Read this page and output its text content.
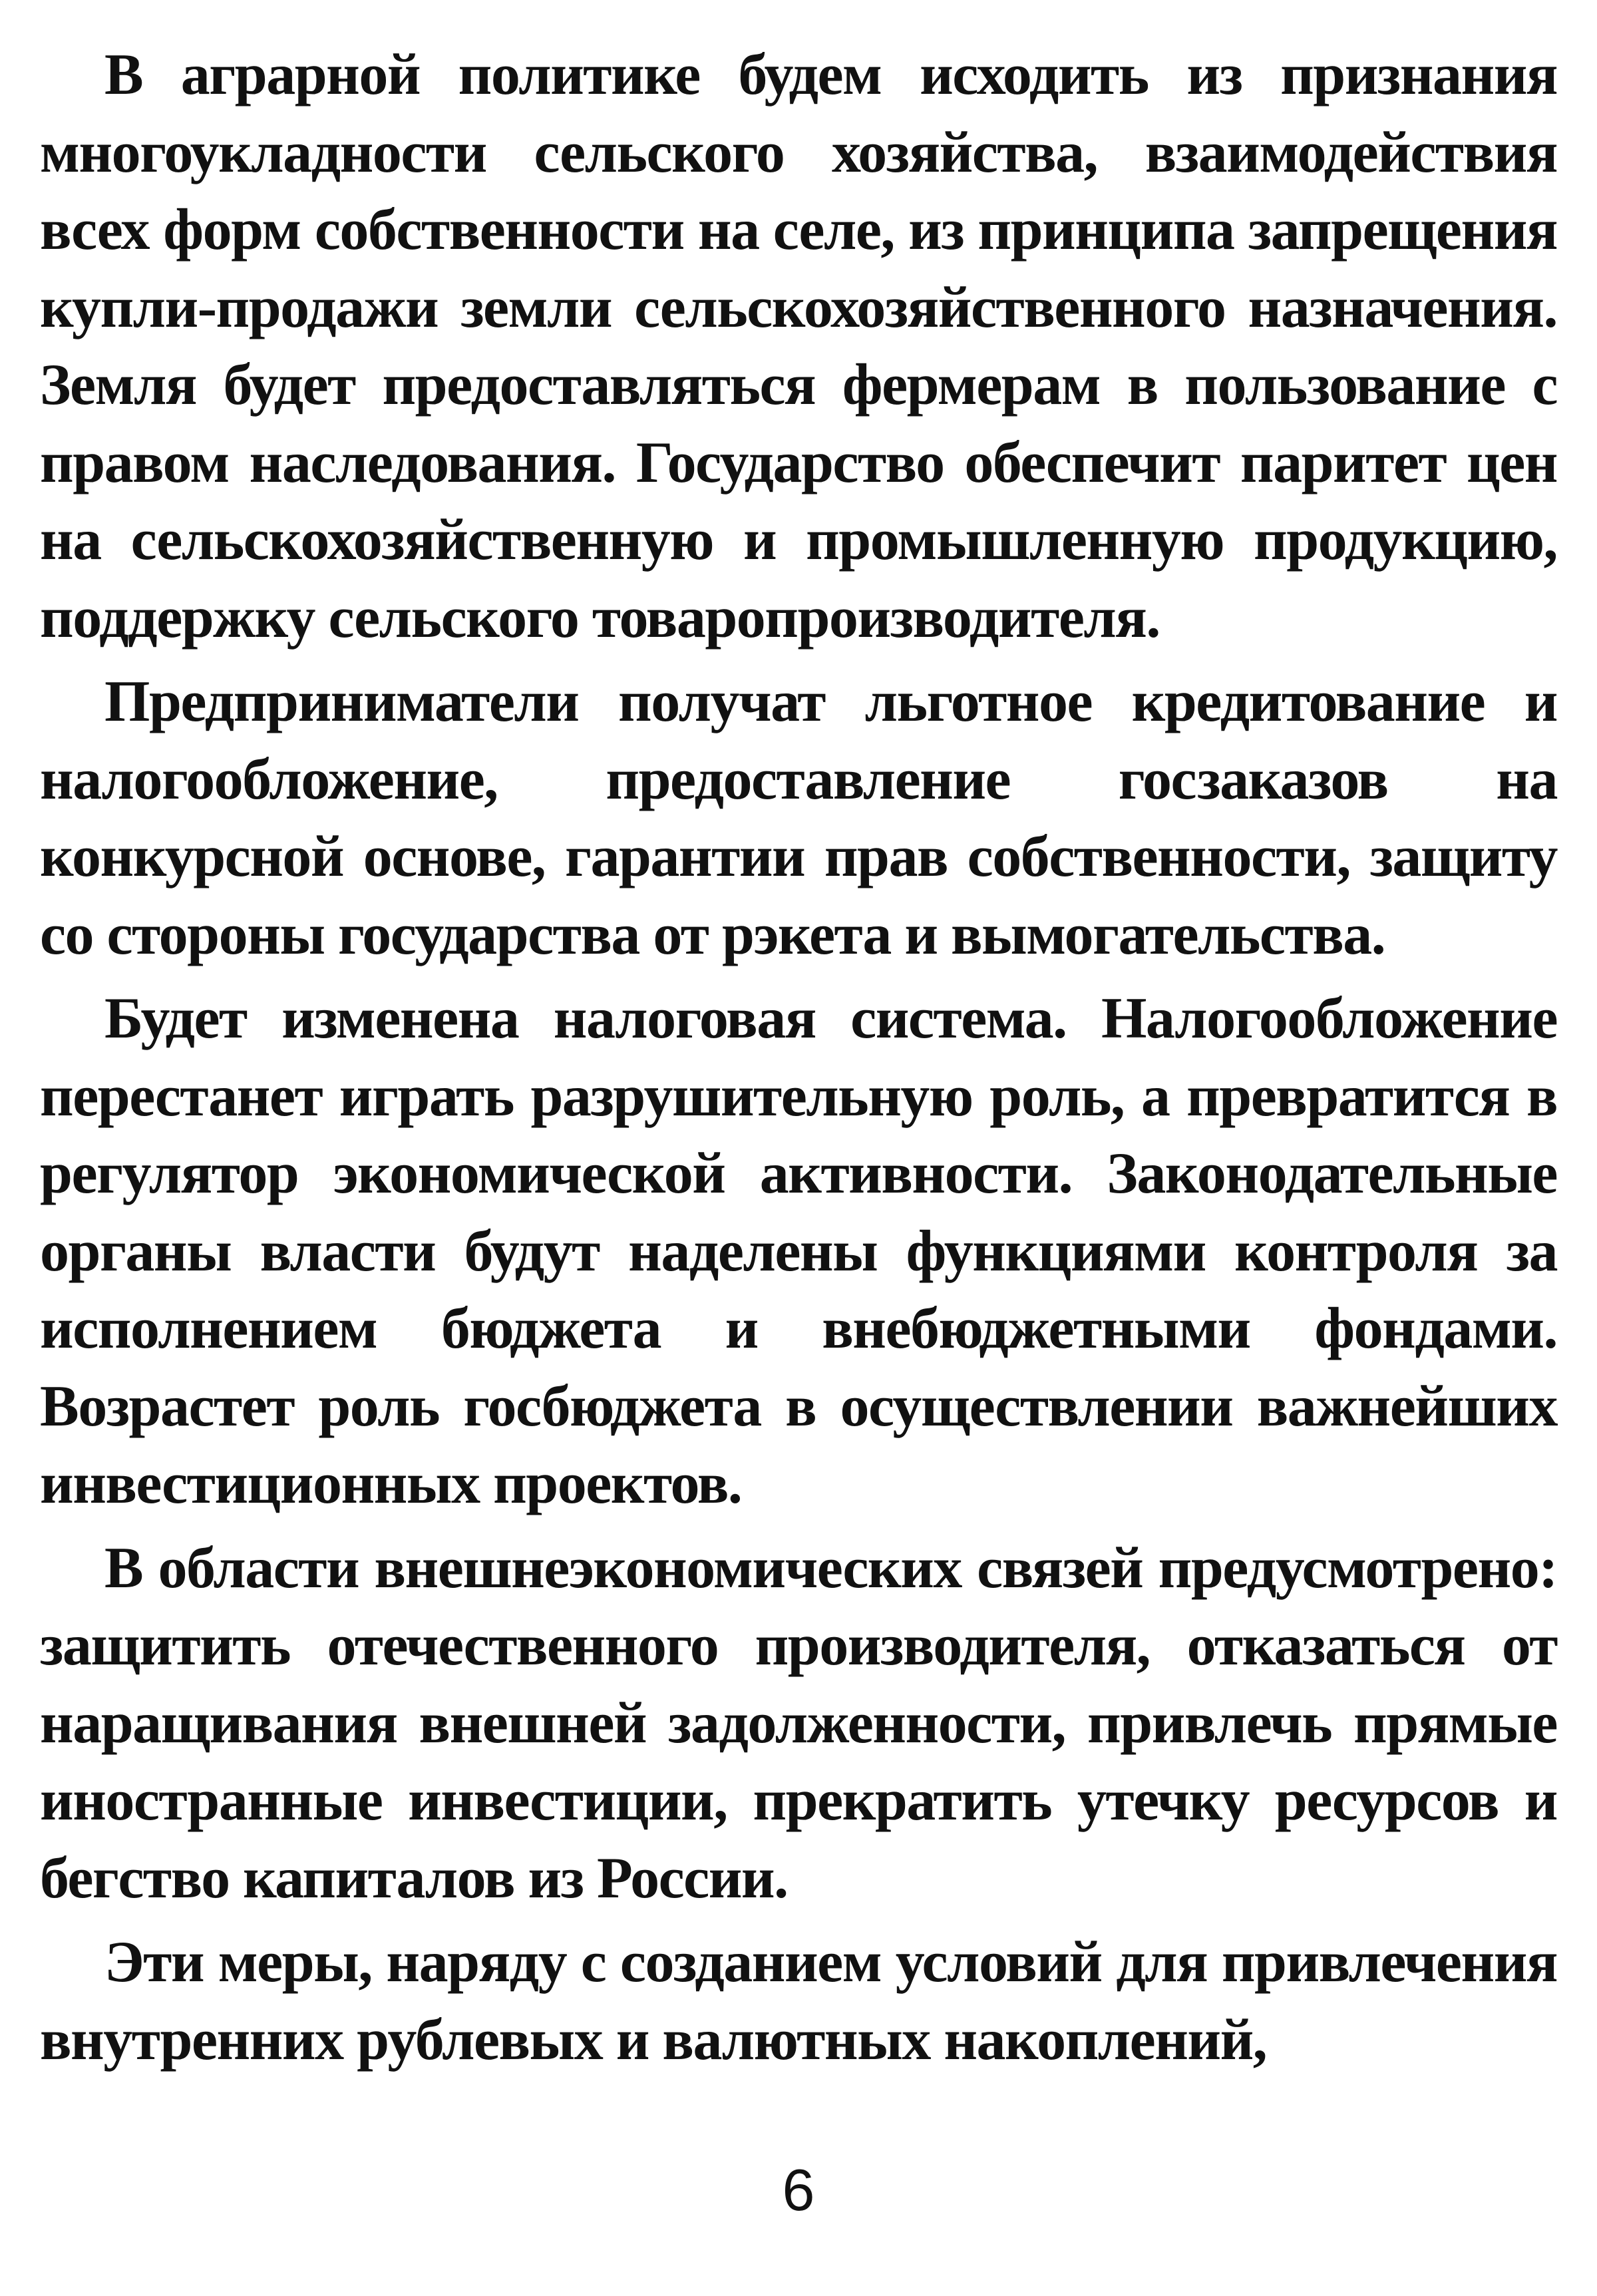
В аграрной политике будем исходить из признания многоукладности сельского хозяйства, взаимодействия всех форм собственности на селе, из принципа запрещения купли-продажи земли сельскохозяйственного назначения. Земля будет предоставляться фермерам в пользование с правом наследования. Государство обеспечит паритет цен на сельскохозяйственную и промышленную продукцию, поддержку сельского товаропроизводителя.

Предприниматели получат льготное кредитование и налогообложение, предоставление госзаказов на конкурсной основе, гарантии прав собственности, защиту со стороны государства от рэкета и вымогательства.

Будет изменена налоговая система. Налогообложение перестанет играть разрушительную роль, а превратится в регулятор экономической активности. Законодательные органы власти будут наделены функциями контроля за исполнением бюджета и внебюджетными фондами. Возрастет роль госбюджета в осуществлении важнейших инвестиционных проектов.

В области внешнеэкономических связей предусмотрено: защитить отечественного производителя, отказаться от наращивания внешней задолженности, привлечь прямые иностранные инвестиции, прекратить утечку ресурсов и бегство капиталов из России.

Эти меры, наряду с созданием условий для привлечения внутренних рублевых и валютных накоплений,

6
